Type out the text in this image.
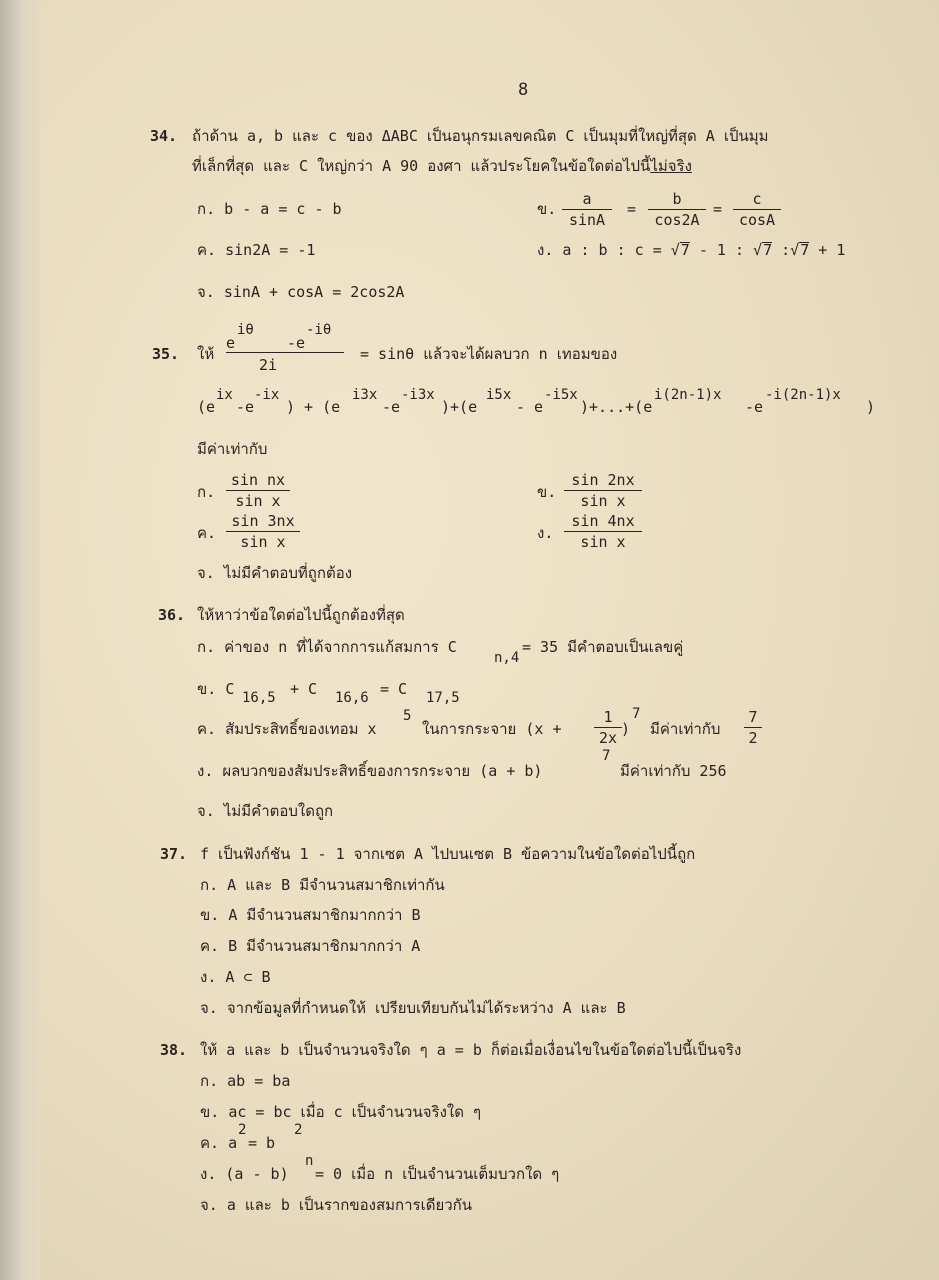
8
34. ถ้าด้าน a, b และ c ของ ΔABC เป็นอนุกรมเลขคณิต C เป็นมุมที่ใหญ่ที่สุด A เป็นมุม
ที่เล็กที่สุด และ C ใหญ่กว่า A 90 องศา แล้วประโยคในข้อใดต่อไปนี้ไม่จริง
ก. b - a = c - b	ข. $\frac{a}{\sin A} = \frac{b}{\cos 2A} = \frac{c}{\cos A}$
ค. sin2A = -1	ง. a : b : c = √7 - 1 : √7 :√7 + 1
จ. sinA + cosA = 2cos2A
35. ให้
e
iθ
-e
-iθ
2i
= sinθ แล้วจะได้ผลบวก n เทอมของ
(e
ix
-e
-ix
) + (e
i3x
-e
-i3x
)+(e
i5x
- e
-i5x
)+...+(e
i(2n-1)x
-e
-i(2n-1)x
)
มีค่าเท่ากับ
ก. $\frac{\text{sin nx}}{\text{sin x}}$	ข. $\frac{\sin 2nx}{\text{sin x}}$
ค. $\frac{\sin 3nx}{\text{sin x}}$	ง. $\frac{\sin 4nx}{\text{sin x}}$
จ. ไม่มีคำตอบที่ถูกต้อง
36. ให้หาว่าข้อใดต่อไปนี้ถูกต้องที่สุด
ก. ค่าของ n ที่ได้จากการแก้สมการ C
n,4
= 35 มีคำตอบเป็นเลขคู่
ข. C 16,5 + C 16,6 = C 17,5
ค. สัมประสิทธิ์ของเทอม x
5
ในการกระจาย ($x + \frac{1}{2x}$ )
7
มีค่าเท่ากับ $\frac{7}{2}$
ง. ผลบวกของสัมประสิทธิ์ของการกระจาย (a + b)
7
มีค่าเท่ากับ 256
จ. ไม่มีคำตอบใดถูก
37. f เป็นฟังก์ชัน 1 - 1 จากเซต A ไปบนเซต B ข้อความในข้อใดต่อไปนี้ถูก
ก. A และ B มีจำนวนสมาชิกเท่ากัน
ข. A มีจำนวนสมาชิกมากกว่า B
ค. B มีจำนวนสมาชิกมากกว่า A
ง. A ⊂ B
จ. จากข้อมูลที่กำหนดให้ เปรียบเทียบกันไม่ได้ระหว่าง A และ B
38. ให้ a และ b เป็นจำนวนจริงใด ๆ a = b ก็ต่อเมื่อเงื่อนไขในข้อใดต่อไปนี้เป็นจริง
ก. ab = ba
ข. ac = bc เมื่อ c เป็นจำนวนจริงใด ๆ
ค. a
2
= b
2
ง. (a - b)
n
= 0 เมื่อ n เป็นจำนวนเต็มบวกใด ๆ
จ. a และ b เป็นรากของสมการเดียวกัน
